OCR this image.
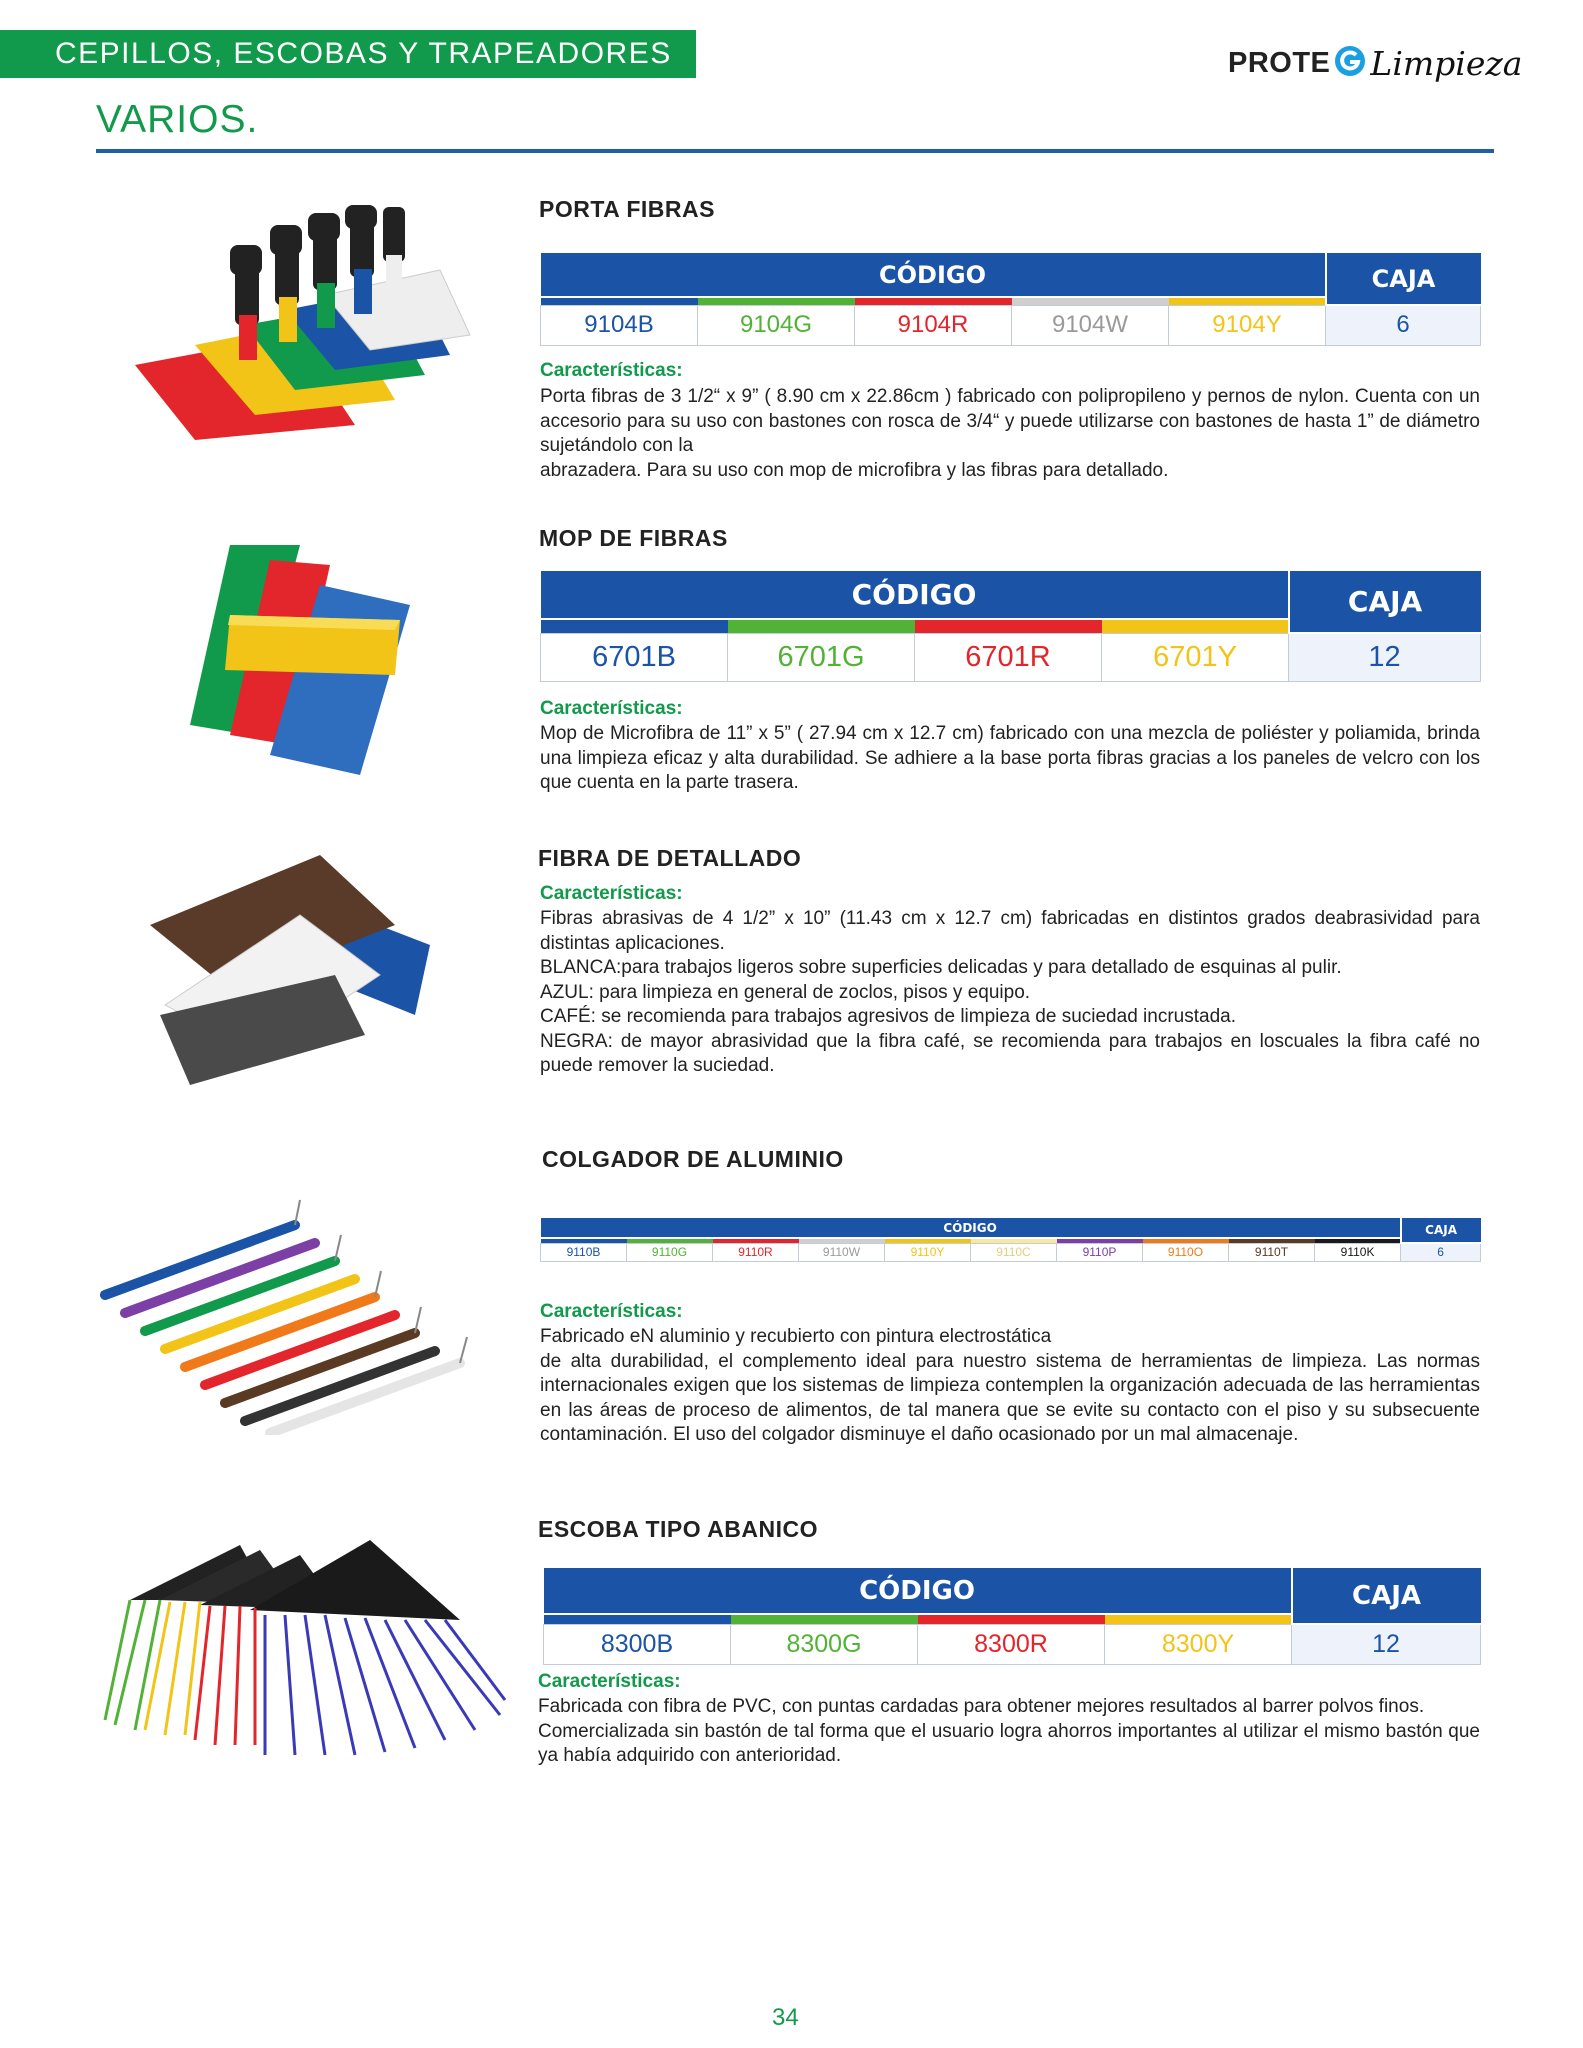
CEPILLOS, ESCOBAS Y TRAPEADORES	PROTE Limpieza
VARIOS.
PORTA FIBRAS
CÓDIGO					CAJA

9104B	9104G	9104R	9104W	9104Y	6
Características:

Porta fibras de 3 1/2“ x 9” ( 8.90 cm x 22.86cm ) fabricado con polipropileno y pernos de nylon. Cuenta con un accesorio para su uso con bastones con rosca de 3/4“ y puede utilizarse con bastones de hasta 1” de diámetro sujetándolo con la

abrazadera. Para su uso con mop de microfibra y las fibras para detallado.

MOP DE FIBRAS
CÓDIGO				CAJA

6701B	6701G	6701R	6701Y	12
Características:

Mop de Microfibra de 11” x 5” ( 27.94 cm x 12.7 cm) fabricado con una mezcla de poliéster y poliamida, brinda una limpieza eficaz y alta durabilidad. Se adhiere a la base porta fibras gracias a los paneles de velcro con los que cuenta en la parte trasera.

FIBRA DE DETALLADO
Características:

Fibras abrasivas de 4 1/2” x 10” (11.43 cm x 12.7 cm) fabricadas en distintos grados deabrasividad para distintas aplicaciones.

BLANCA:para trabajos ligeros sobre superficies delicadas y para detallado de esquinas al pulir.

AZUL: para limpieza en general de zoclos, pisos y equipo.

CAFÉ: se recomienda para trabajos agresivos de limpieza de suciedad incrustada.

NEGRA: de mayor abrasividad que la fibra café, se recomienda para trabajos en loscuales la fibra café no puede remover la suciedad.

COLGADOR DE ALUMINIO
CÓDIGO										CAJA

9110B	9110G	9110R	9110W	9110Y	9110C	9110P	9110O	9110T	9110K	6
Características:

Fabricado eN aluminio y recubierto con pintura electrostática

de alta durabilidad, el complemento ideal para nuestro sistema de herramientas de limpieza. Las normas internacionales exigen que los sistemas de limpieza contemplen la organización adecuada de las herramientas en las áreas de proceso de alimentos, de tal manera que se evite su contacto con el piso y su subsecuente contaminación. El uso del colgador disminuye el daño ocasionado por un mal almacenaje.

ESCOBA TIPO ABANICO
CÓDIGO				CAJA

8300B	8300G	8300R	8300Y	12
Características:

Fabricada con fibra de PVC, con puntas cardadas para obtener mejores resultados al barrer polvos finos.

Comercializada sin bastón de tal forma que el usuario logra ahorros importantes al utilizar el mismo bastón que ya había adquirido con anterioridad.

34
